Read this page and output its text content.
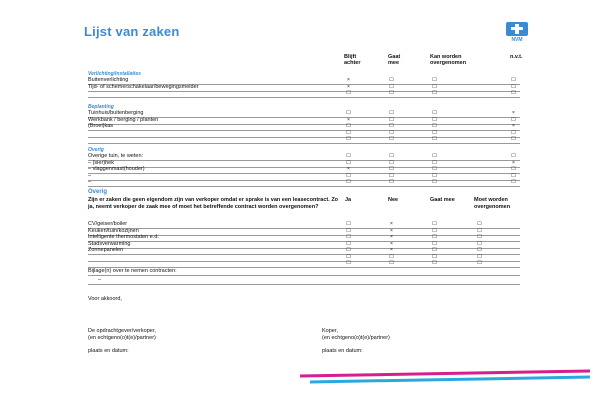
Lijst van zaken
NVM
Blijft achter
Gaat mee
Kan worden overgenomen
n.v.t.
Verlichting/installaties
Buitenverlichting	×	☐	☐	☐
Tijd- of schemerschakelaar/bewegingsmelder	×	☐	☐	☐
☐	☐	☐	☐
Beplanting
Tuinhuis/buitenberging	☐	☐	☐	×
Werkbank / berging / planten	×	☐	☐	☐
(Broei)kas	☐	☐	☐	×
☐	☐	☐	☐
☐	☐	☐	☐
Overig
Overige tuin, te weten:	☐	☐	☐	☐
– (sier)hek	☐	☐	☐	×
– vlaggenmast(houder)	×	☐	☐	☐
–	☐	☐	☐	☐
–	☐	☐	☐	☐
CV/geiser/boiler	☐	×	☐	☐
Keuken/tuin/kozijnen	☐	×	☐	☐
Intelligente thermostaten e.d.	☐	×	☐	☐
Stadsverwarming	☐	×	☐	☐
Zonnepanelen	☐	×	☐	☐
☐	☐	☐	☐
☐	☐	☐	☐
Overig
Zijn er zaken die geen eigendom zijn van verkoper omdat er sprake is van een leasecontract. Zo ja, neemt verkoper de zaak mee of moet het betreffende contract worden overgenomen?
Ja	Nee	Gaat mee	Moet worden overgenomen
Bijlage(n) over te nemen contracten:
–
Voor akkoord,
De opdrachtgever/verkoper,
(en echtgeno(o)t(e)/partner)
plaats en datum:
Koper,
(en echtgeno(o)t(e)/partner)
plaats en datum:
